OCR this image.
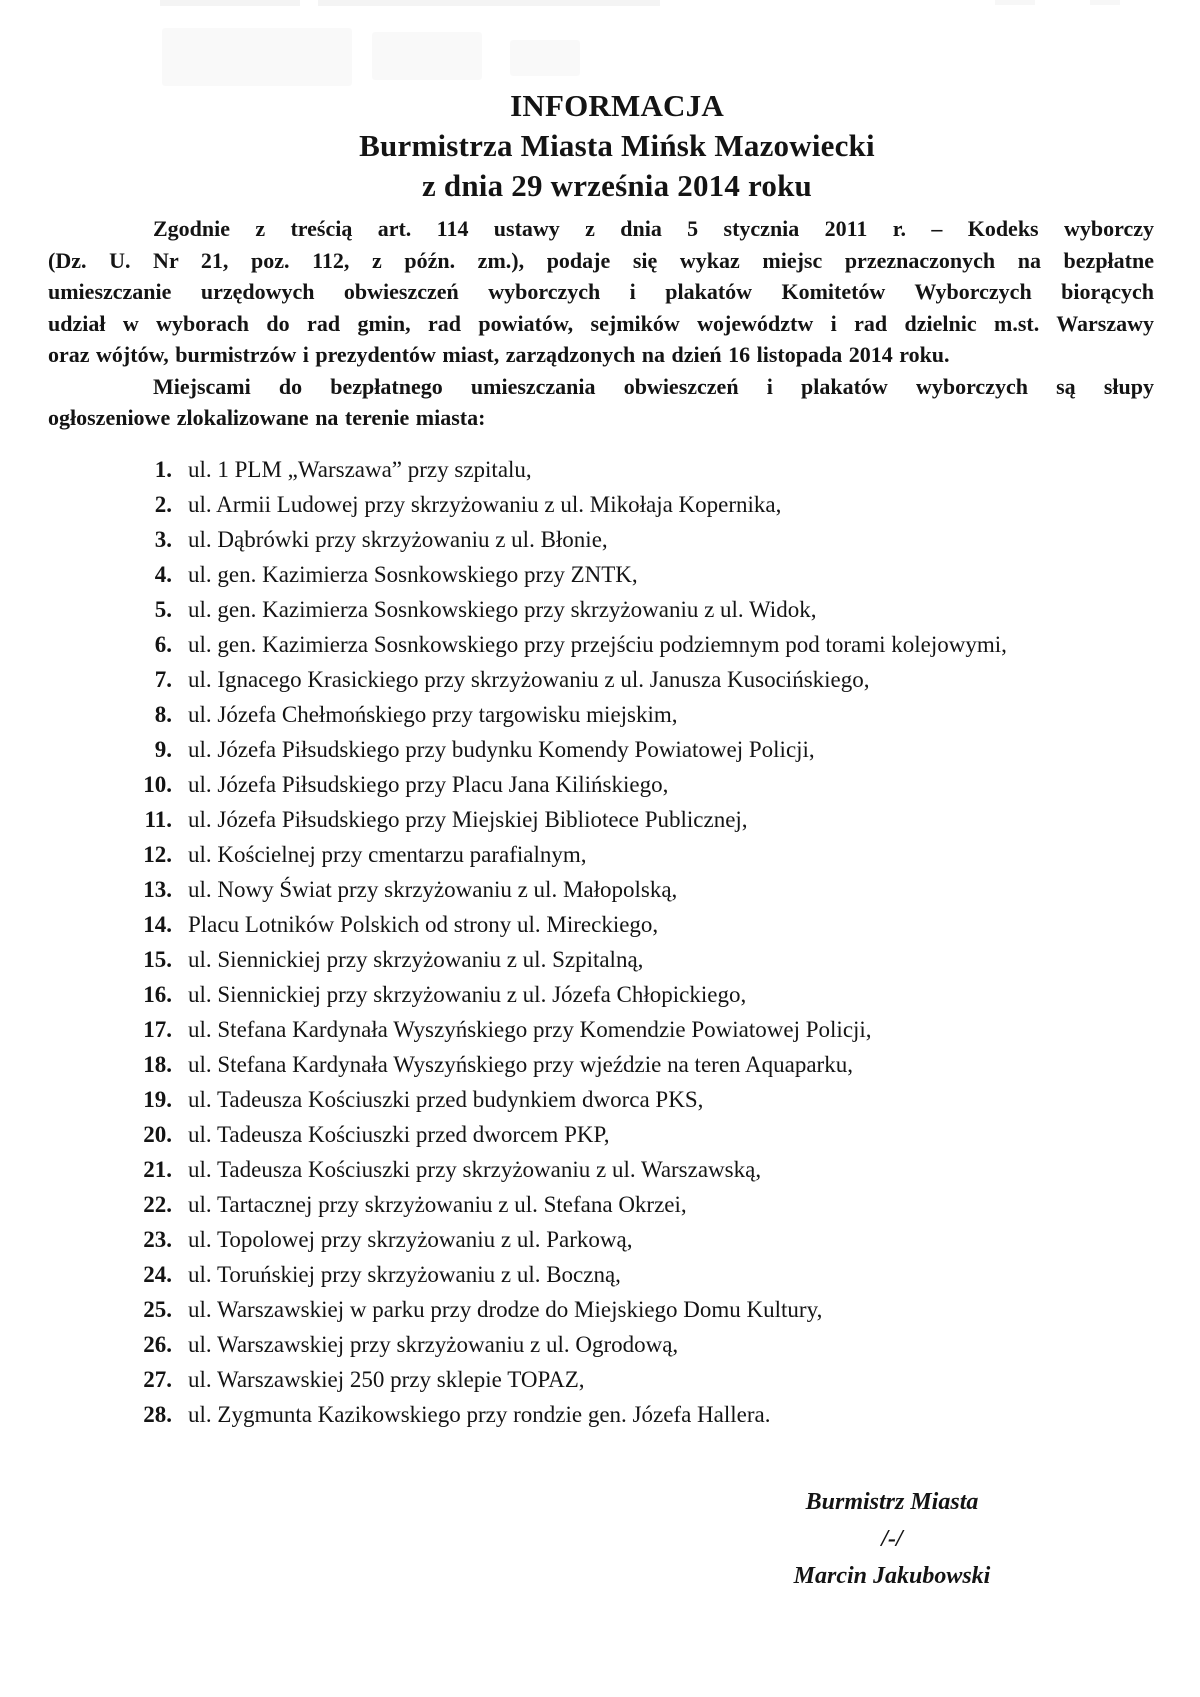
INFORMACJA
Burmistrza Miasta Mińsk Mazowiecki
z dnia 29 września 2014 roku
Zgodnie z treścią art. 114 ustawy z dnia 5 stycznia 2011 r. – Kodeks wyborczy
(Dz. U. Nr 21, poz. 112, z późn. zm.), podaje się wykaz miejsc przeznaczonych na bezpłatne
umieszczanie urzędowych obwieszczeń wyborczych i plakatów Komitetów Wyborczych biorących
udział w wyborach do rad gmin, rad powiatów, sejmików województw i rad dzielnic m.st. Warszawy
oraz wójtów, burmistrzów i prezydentów miast, zarządzonych na dzień 16 listopada 2014 roku.
Miejscami do bezpłatnego umieszczania obwieszczeń i plakatów wyborczych są słupy
ogłoszeniowe zlokalizowane na terenie miasta:
1. ul. 1 PLM „Warszawa” przy szpitalu,
2. ul. Armii Ludowej przy skrzyżowaniu z ul. Mikołaja Kopernika,
3. ul. Dąbrówki przy skrzyżowaniu z ul. Błonie,
4. ul. gen. Kazimierza Sosnkowskiego przy ZNTK,
5. ul. gen. Kazimierza Sosnkowskiego przy skrzyżowaniu z ul. Widok,
6. ul. gen. Kazimierza Sosnkowskiego przy przejściu podziemnym pod torami kolejowymi,
7. ul. Ignacego Krasickiego przy skrzyżowaniu z ul. Janusza Kusocińskiego,
8. ul. Józefa Chełmońskiego przy targowisku miejskim,
9. ul. Józefa Piłsudskiego przy budynku Komendy Powiatowej Policji,
10. ul. Józefa Piłsudskiego przy Placu Jana Kilińskiego,
11. ul. Józefa Piłsudskiego przy Miejskiej Bibliotece Publicznej,
12. ul. Kościelnej przy cmentarzu parafialnym,
13. ul. Nowy Świat przy skrzyżowaniu z ul. Małopolską,
14. Placu Lotników Polskich od strony ul. Mireckiego,
15. ul. Siennickiej przy skrzyżowaniu z ul. Szpitalną,
16. ul. Siennickiej przy skrzyżowaniu z ul. Józefa Chłopickiego,
17. ul. Stefana Kardynała Wyszyńskiego przy Komendzie Powiatowej Policji,
18. ul. Stefana Kardynała Wyszyńskiego przy wjeździe na teren Aquaparku,
19. ul. Tadeusza Kościuszki przed budynkiem dworca PKS,
20. ul. Tadeusza Kościuszki przed dworcem PKP,
21. ul. Tadeusza Kościuszki przy skrzyżowaniu z ul. Warszawską,
22. ul. Tartacznej przy skrzyżowaniu z ul. Stefana Okrzei,
23. ul. Topolowej przy skrzyżowaniu z ul. Parkową,
24. ul. Toruńskiej przy skrzyżowaniu z ul. Boczną,
25. ul. Warszawskiej w parku przy drodze do Miejskiego Domu Kultury,
26. ul. Warszawskiej przy skrzyżowaniu z ul. Ogrodową,
27. ul. Warszawskiej 250 przy sklepie TOPAZ,
28. ul. Zygmunta Kazikowskiego przy rondzie gen. Józefa Hallera.
Burmistrz Miasta
/-/
Marcin Jakubowski
